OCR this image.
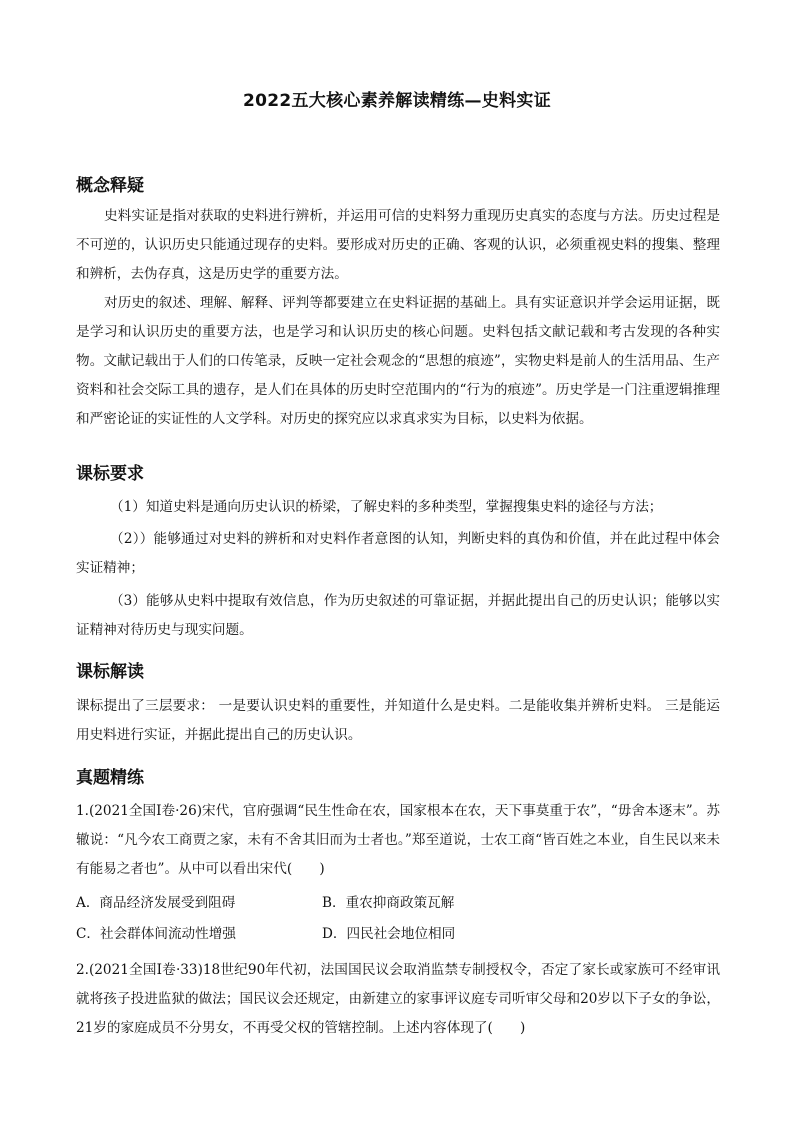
2022五大核心素养解读精练—史料实证
概念释疑
史料实证是指对获取的史料进行辨析，并运用可信的史料努力重现历史真实的态度与方法。历史过程是不可逆的，认识历史只能通过现存的史料。要形成对历史的正确、客观的认识，必须重视史料的搜集、整理和辨析，去伪存真，这是历史学的重要方法。
对历史的叙述、理解、解释、评判等都要建立在史料证据的基础上。具有实证意识并学会运用证据，既是学习和认识历史的重要方法，也是学习和认识历史的核心问题。史料包括文献记载和考古发现的各种实物。文献记载出于人们的口传笔录，反映一定社会观念的“思想的痕迹”，实物史料是前人的生活用品、生产资料和社会交际工具的遗存，是人们在具体的历史时空范围内的“行为的痕迹”。历史学是一门注重逻辑推理和严密论证的实证性的人文学科。对历史的探究应以求真求实为目标，以史料为依据。
课标要求
（1）知道史料是通向历史认识的桥梁，了解史料的多种类型，掌握搜集史料的途径与方法；
（2））能够通过对史料的辨析和对史料作者意图的认知，判断史料的真伪和价值，并在此过程中体会实证精神；
（3）能够从史料中提取有效信息，作为历史叙述的可靠证据，并据此提出自己的历史认识；能够以实证精神对待历史与现实问题。
课标解读
课标提出了三层要求： 一是要认识史料的重要性，并知道什么是史料。二是能收集并辨析史料。 三是能运用史料进行实证，并据此提出自己的历史认识。
真题精练
1.(2021全国Ⅰ卷·26)宋代，官府强调“民生性命在农，国家根本在农，天下事莫重于农”，“毋舍本逐末”。苏辙说：“凡今农工商贾之家，未有不舍其旧而为士者也。”郑至道说，士农工商“皆百姓之本业，自生民以来未有能易之者也”。从中可以看出宋代(　　)
A．商品经济发展受到阻碍	B．重农抑商政策瓦解
C．社会群体间流动性增强	D．四民社会地位相同
2.(2021全国Ⅰ卷·33)18世纪90年代初，法国国民议会取消监禁专制授权令，否定了家长或家族可不经审讯就将孩子投进监狱的做法；国民议会还规定，由新建立的家事评议庭专司听审父母和20岁以下子女的争讼，21岁的家庭成员不分男女，不再受父权的管辖控制。上述内容体现了(　　)
